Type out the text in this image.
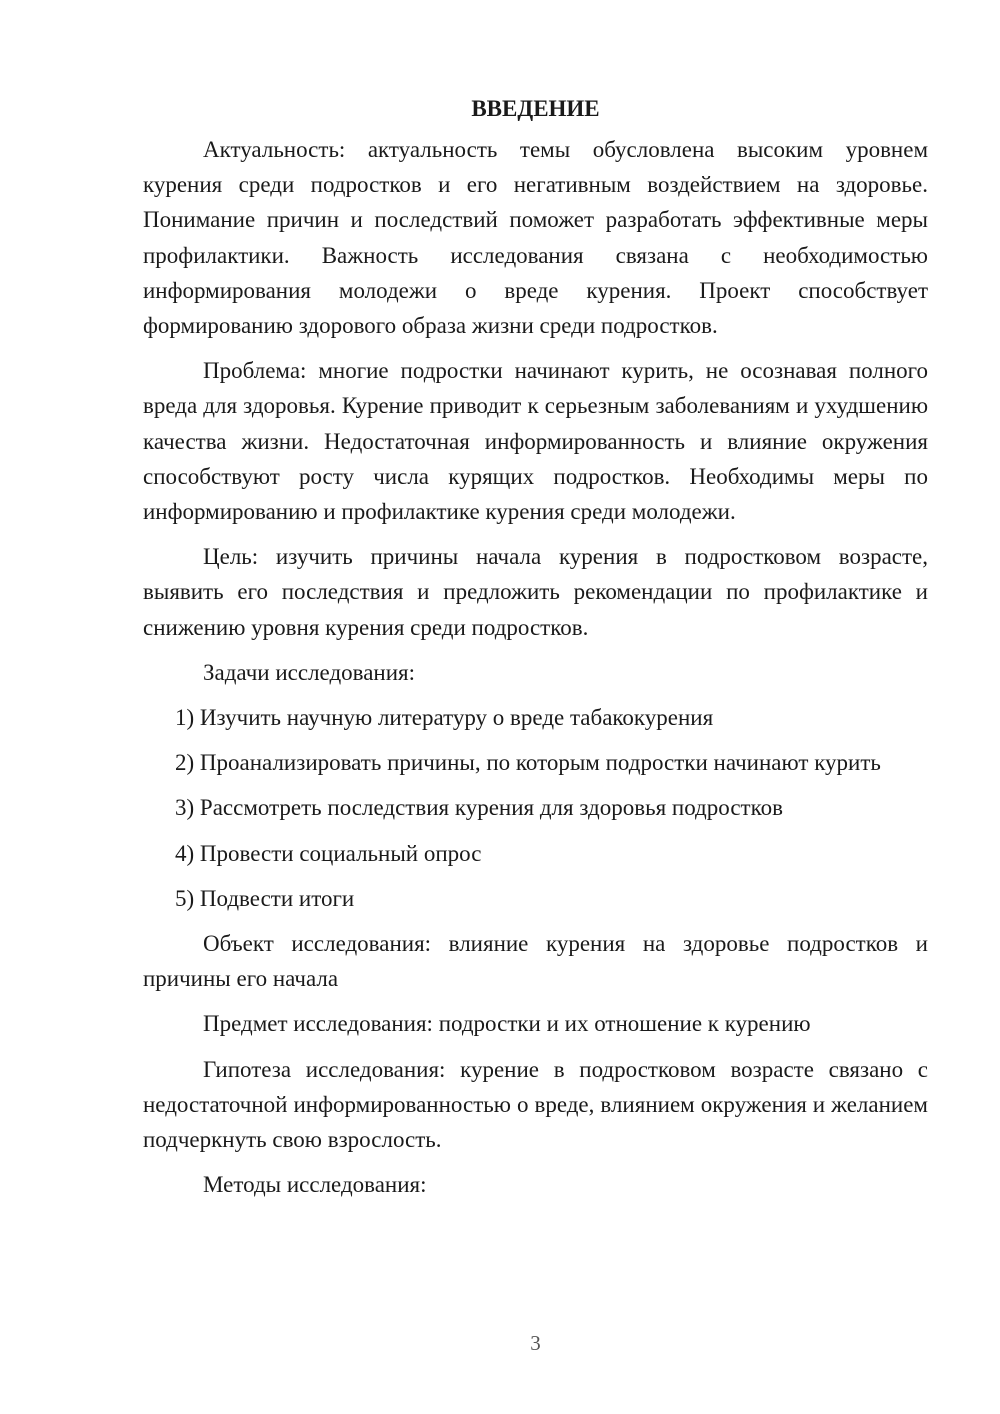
ВВЕДЕНИЕ

Актуальность: актуальность темы обусловлена высоким уровнем курения среди подростков и его негативным воздействием на здоровье. Понимание причин и последствий поможет разработать эффективные меры профилактики. Важность исследования связана с необходимостью информирования молодежи о вреде курения. Проект способствует формированию здорового образа жизни среди подростков.

Проблема: многие подростки начинают курить, не осознавая полного вреда для здоровья. Курение приводит к серьезным заболеваниям и ухудшению качества жизни. Недостаточная информированность и влияние окружения способствуют росту числа курящих подростков. Необходимы меры по информированию и профилактике курения среди молодежи.

Цель: изучить причины начала курения в подростковом возрасте, выявить его последствия и предложить рекомендации по профилактике и снижению уровня курения среди подростков.

Задачи исследования:

1) Изучить научную литературу о вреде табакокурения

2) Проанализировать причины, по которым подростки начинают курить

3) Рассмотреть последствия курения для здоровья подростков

4) Провести социальный опрос

5) Подвести итоги

Объект исследования: влияние курения на здоровье подростков и причины его начала

Предмет исследования: подростки и их отношение к курению

Гипотеза исследования: курение в подростковом возрасте связано с недостаточной информированностью о вреде, влиянием окружения и желанием подчеркнуть свою взрослость.

Методы исследования:

3
